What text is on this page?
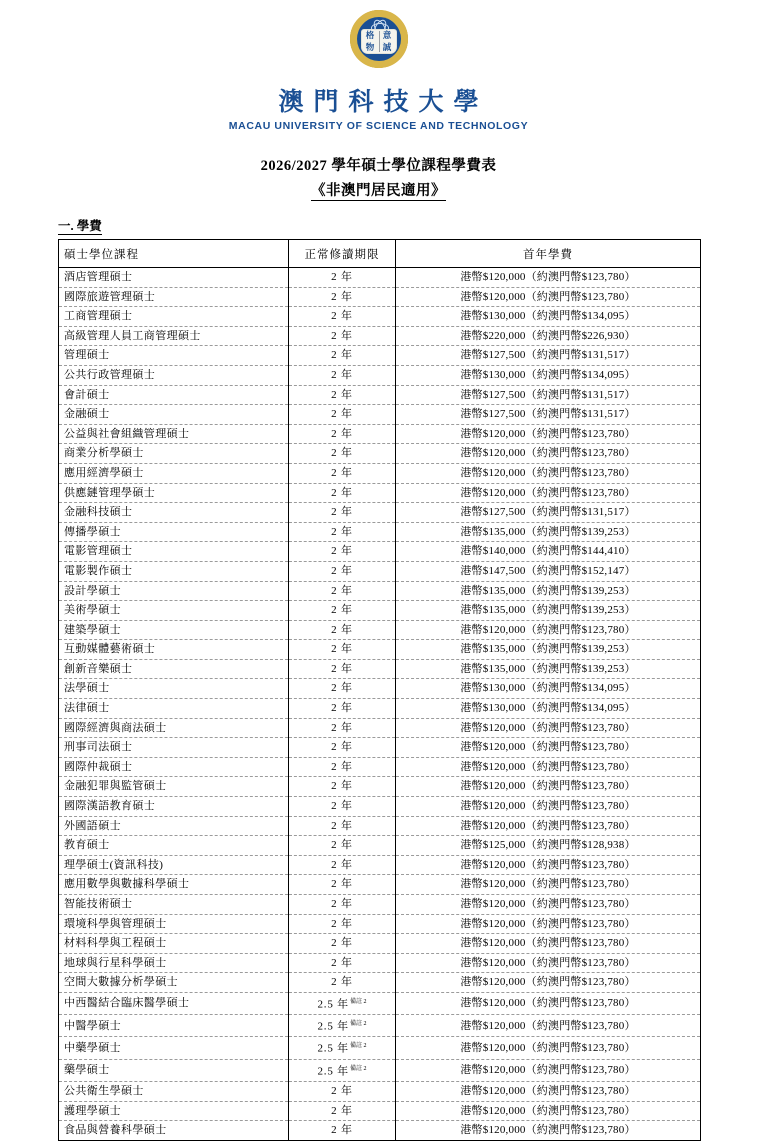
格 意
物 誠
澳門科技大學
MACAU UNIVERSITY OF SCIENCE AND TECHNOLOGY
2026/2027 學年碩士學位課程學費表
《非澳門居民適用》
一. 學費
碩士學位課程	正常修讀期限	首年學費
酒店管理碩士	2 年	港幣$120,000（約澳門幣$123,780）
國際旅遊管理碩士	2 年	港幣$120,000（約澳門幣$123,780）
工商管理碩士	2 年	港幣$130,000（約澳門幣$134,095）
高級管理人員工商管理碩士	2 年	港幣$220,000（約澳門幣$226,930）
管理碩士	2 年	港幣$127,500（約澳門幣$131,517）
公共行政管理碩士	2 年	港幣$130,000（約澳門幣$134,095）
會計碩士	2 年	港幣$127,500（約澳門幣$131,517）
金融碩士	2 年	港幣$127,500（約澳門幣$131,517）
公益與社會組織管理碩士	2 年	港幣$120,000（約澳門幣$123,780）
商業分析學碩士	2 年	港幣$120,000（約澳門幣$123,780）
應用經濟學碩士	2 年	港幣$120,000（約澳門幣$123,780）
供應鏈管理學碩士	2 年	港幣$120,000（約澳門幣$123,780）
金融科技碩士	2 年	港幣$127,500（約澳門幣$131,517）
傳播學碩士	2 年	港幣$135,000（約澳門幣$139,253）
電影管理碩士	2 年	港幣$140,000（約澳門幣$144,410）
電影製作碩士	2 年	港幣$147,500（約澳門幣$152,147）
設計學碩士	2 年	港幣$135,000（約澳門幣$139,253）
美術學碩士	2 年	港幣$135,000（約澳門幣$139,253）
建築學碩士	2 年	港幣$120,000（約澳門幣$123,780）
互動媒體藝術碩士	2 年	港幣$135,000（約澳門幣$139,253）
創新音樂碩士	2 年	港幣$135,000（約澳門幣$139,253）
法學碩士	2 年	港幣$130,000（約澳門幣$134,095）
法律碩士	2 年	港幣$130,000（約澳門幣$134,095）
國際經濟與商法碩士	2 年	港幣$120,000（約澳門幣$123,780）
刑事司法碩士	2 年	港幣$120,000（約澳門幣$123,780）
國際仲裁碩士	2 年	港幣$120,000（約澳門幣$123,780）
金融犯罪與監管碩士	2 年	港幣$120,000（約澳門幣$123,780）
國際漢語教育碩士	2 年	港幣$120,000（約澳門幣$123,780）
外國語碩士	2 年	港幣$120,000（約澳門幣$123,780）
教育碩士	2 年	港幣$125,000（約澳門幣$128,938）
理學碩士(資訊科技)	2 年	港幣$120,000（約澳門幣$123,780）
應用數學與數據科學碩士	2 年	港幣$120,000（約澳門幣$123,780）
智能技術碩士	2 年	港幣$120,000（約澳門幣$123,780）
環境科學與管理碩士	2 年	港幣$120,000（約澳門幣$123,780）
材料科學與工程碩士	2 年	港幣$120,000（約澳門幣$123,780）
地球與行星科學碩士	2 年	港幣$120,000（約澳門幣$123,780）
空間大數據分析學碩士	2 年	港幣$120,000（約澳門幣$123,780）
中西醫結合臨床醫學碩士	2.5 年$^{備註 2}$	港幣$120,000（約澳門幣$123,780）
中醫學碩士	2.5 年$^{備註 2}$	港幣$120,000（約澳門幣$123,780）
中藥學碩士	2.5 年$^{備註 2}$	港幣$120,000（約澳門幣$123,780）
藥學碩士	2.5 年$^{備註 2}$	港幣$120,000（約澳門幣$123,780）
公共衛生學碩士	2 年	港幣$120,000（約澳門幣$123,780）
護理學碩士	2 年	港幣$120,000（約澳門幣$123,780）
食品與營養科學碩士	2 年	港幣$120,000（約澳門幣$123,780）
